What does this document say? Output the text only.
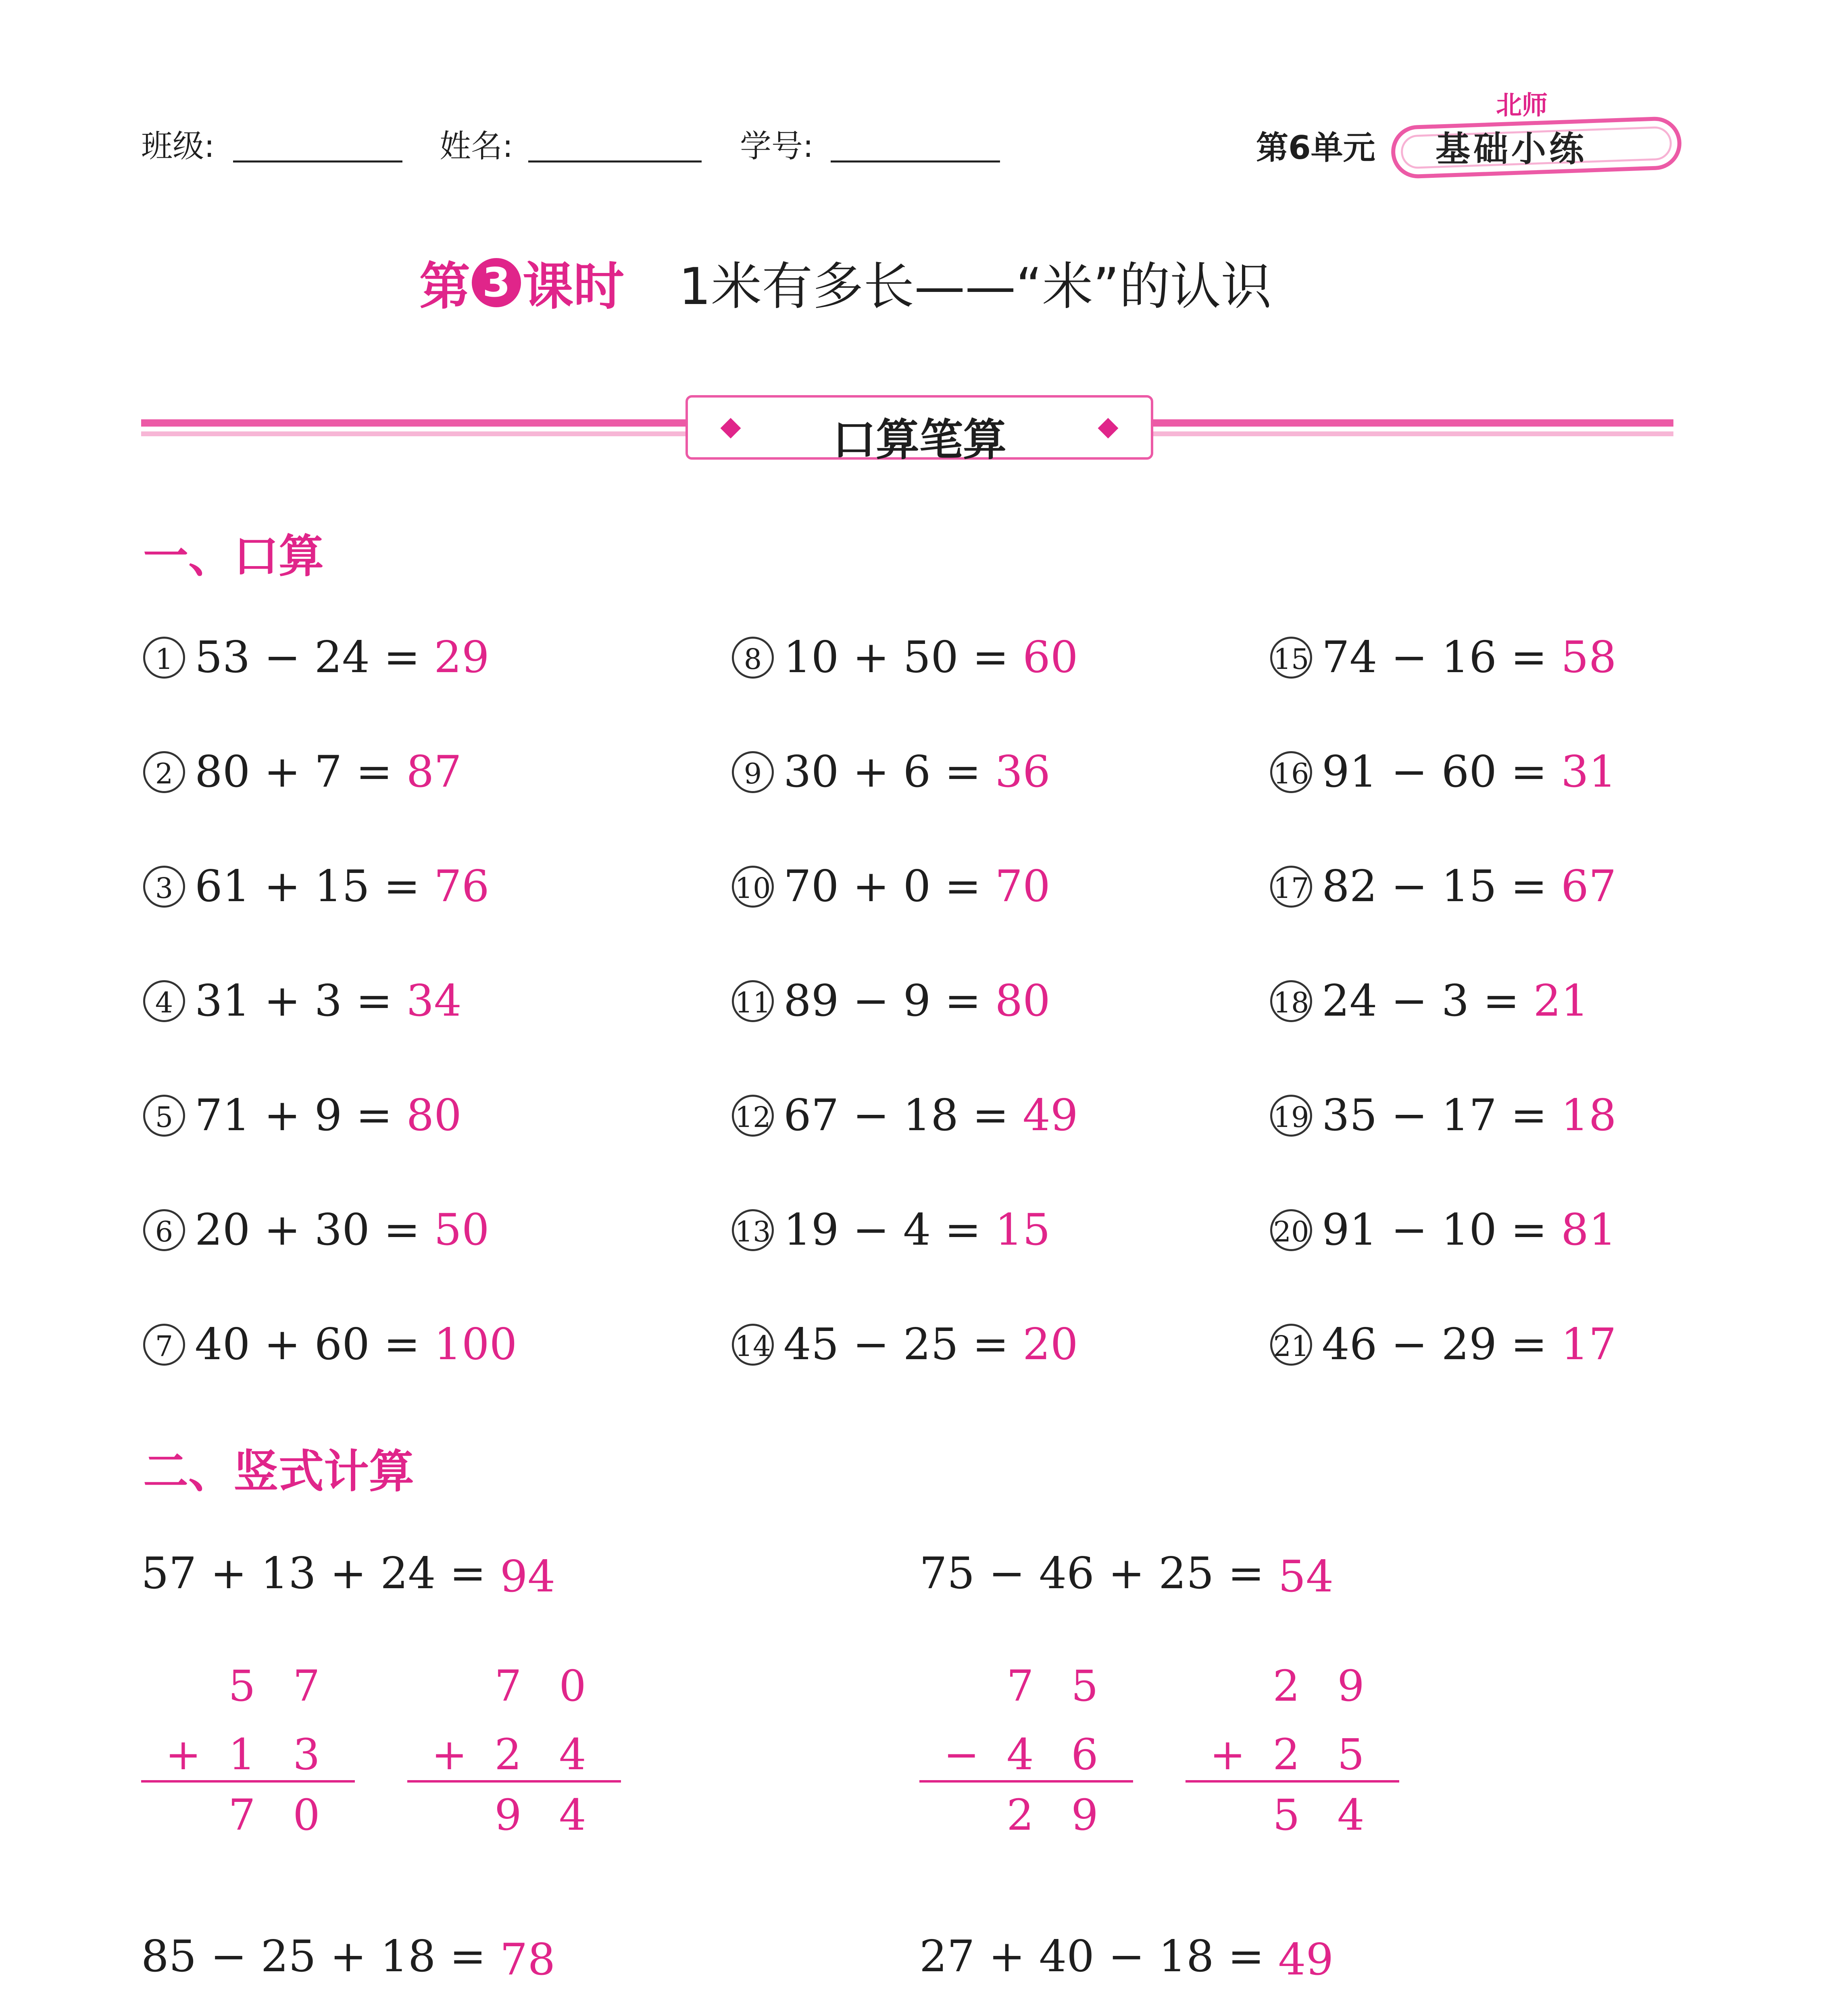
班级:	姓名:	学号:	第6单元
北师
基础小练
第 3 课时 1米有多长——“米”的认识
口算笔算
一、口算
1 53 − 24 = 29
2 80 + 7 = 87
3 61 + 15 = 76
4 31 + 3 = 34
5 71 + 9 = 80
6 20 + 30 = 50
7 40 + 60 = 100
8 10 + 50 = 60
9 30 + 6 = 36
10 70 + 0 = 70
11 89 − 9 = 80
12 67 − 18 = 49
13 19 − 4 = 15
14 45 − 25 = 20
15 74 − 16 = 58
16 91 − 60 = 31
17 82 − 15 = 67
18 24 − 3 = 21
19 35 − 17 = 18
20 91 − 10 = 81
21 46 − 29 = 17
二、竖式计算
57 + 13 + 24 = 94
5 7
+ 1 3
7 0
7 0
+ 2 4
9 4
75 − 46 + 25 = 54
7 5
− 4 6
2 9
2 9
+ 2 5
5 4
85 − 25 + 18 = 78	27 + 40 − 18 = 49
